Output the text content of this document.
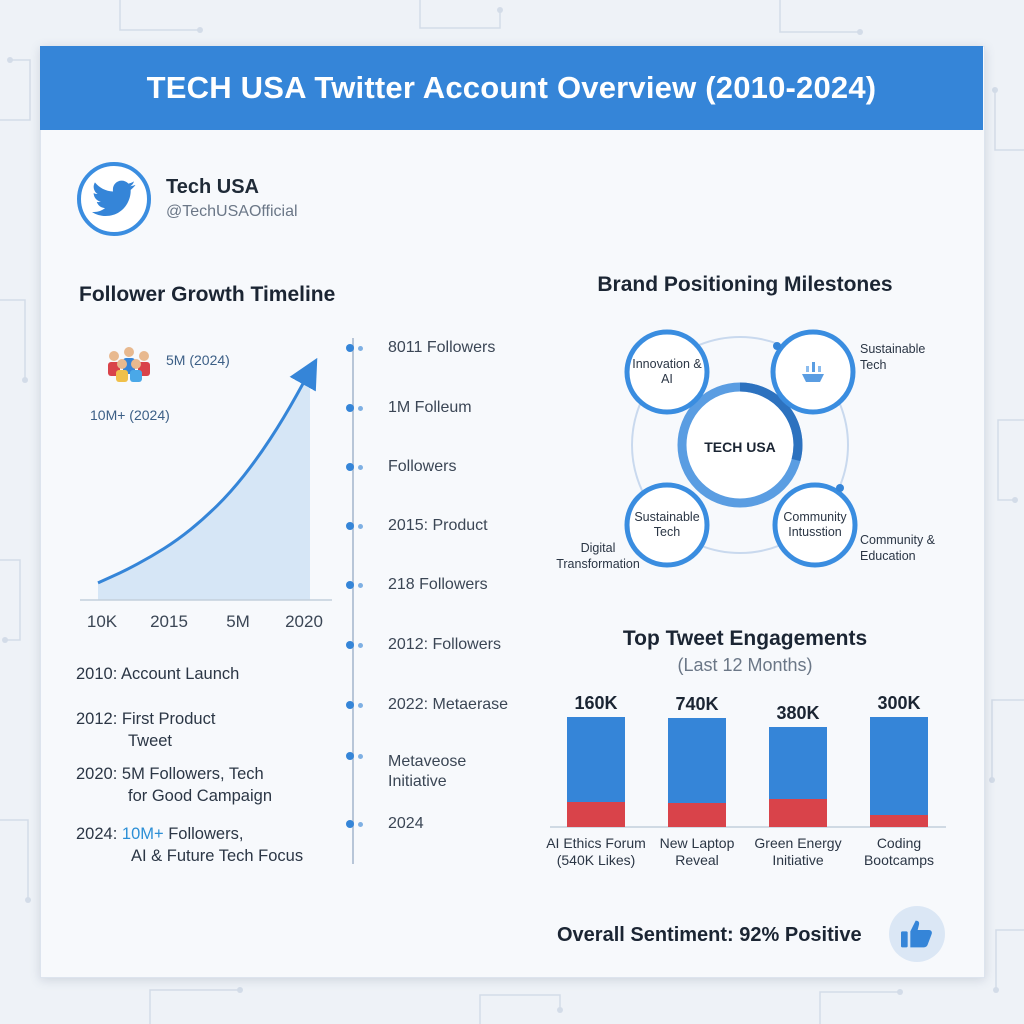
TECH USA Twitter Account Overview (2010-2024)
Tech USA
@TechUSAOfficial
Follower Growth Timeline
5M (2024)
10M+ (2024)
10K 2015 5M 2020
2010: Account Launch
2012: First Product
Tweet
2020: 5M Followers, Tech
for Good Campaign
2024: 10M+ Followers,
AI & Future Tech Focus
8011 Followers
1M Folleum
Followers
2015: Product
218 Followers
2012: Followers
2022: Metaerase
Metaveose Initiative
2024
Brand Positioning Milestones
Innovation & AI
TECH USA
Sustainable Tech
Community Intusstion
Sustainable Tech
Digital Transformation
Community & Education
Top Tweet Engagements
(Last 12 Months)
160K
AI Ethics Forum (540K Likes)
740K
New Laptop Reveal
380K
Green Energy Initiative
300K
Coding Bootcamps
Overall Sentiment: 92% Positive
